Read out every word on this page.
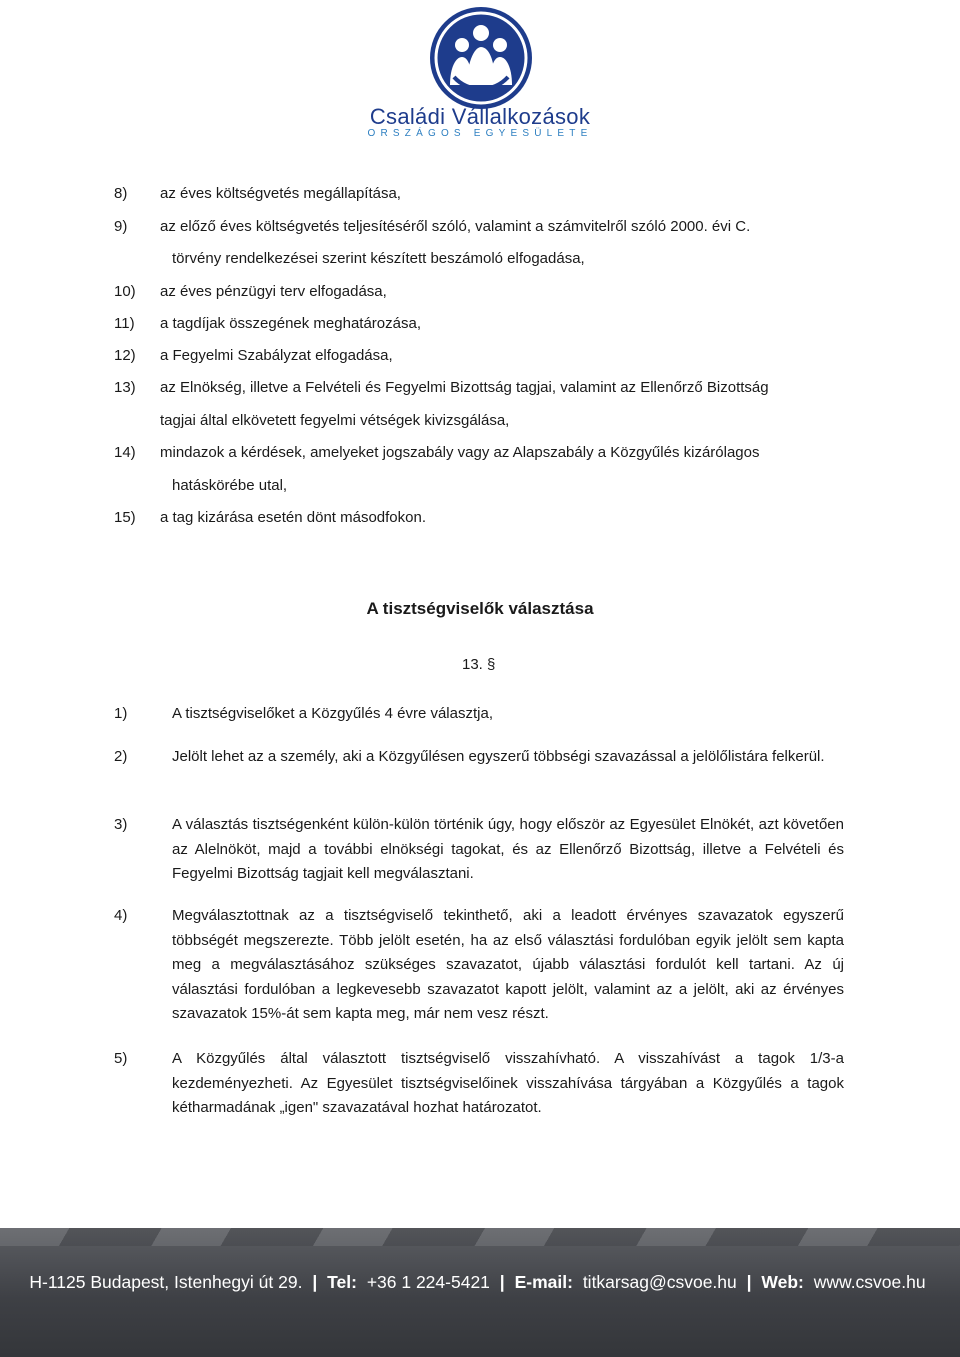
Családi Vállalkozások
ORSZÁGOS EGYESÜLETE
8) az éves költségvetés megállapítása,
9) az előző éves költségvetés teljesítéséről szóló, valamint a számvitelről szóló 2000. évi C.
törvény rendelkezései szerint készített beszámoló elfogadása,
10) az éves pénzügyi terv elfogadása,
11) a tagdíjak összegének meghatározása,
12) a Fegyelmi Szabályzat elfogadása,
13) az Elnökség, illetve a Felvételi és Fegyelmi Bizottság tagjai, valamint az Ellenőrző Bizottság
tagjai által elkövetett fegyelmi vétségek kivizsgálása,
14) mindazok a kérdések, amelyeket jogszabály vagy az Alapszabály a Közgyűlés kizárólagos
hatáskörébe utal,
15) a tag kizárása esetén dönt másodfokon.
A tisztségviselők választása
13. §
1)	A tisztségviselőket a Közgyűlés 4 évre választja,
2)	Jelölt lehet az a személy, aki a Közgyűlésen egyszerű többségi szavazással a jelölőlistára felkerül.
3)	A választás tisztségenként külön-külön történik úgy, hogy először az Egyesület Elnökét, azt követően az Alelnököt, majd a további elnökségi tagokat, és az Ellenőrző Bizottság, illetve a Felvételi és Fegyelmi Bizottság tagjait kell megválasztani.
4)	Megválasztottnak az a tisztségviselő tekinthető, aki a leadott érvényes szavazatok egyszerű többségét megszerezte. Több jelölt esetén, ha az első választási fordulóban egyik jelölt sem kapta meg a megválasztásához szükséges szavazatot, újabb választási fordulót kell tartani. Az új választási fordulóban a legkevesebb szavazatot kapott jelölt, valamint az a jelölt, aki az érvényes szavazatok 15%-át sem kapta meg, már nem vesz részt.
5)	A Közgyűlés által választott tisztségviselő visszahívható. A visszahívást a tagok 1/3-a kezdeményezheti. Az Egyesület tisztségviselőinek visszahívása tárgyában a Közgyűlés a tagok kétharmadának „igen" szavazatával hozhat határozatot.
H-1125 Budapest, Istenhegyi út 29. | Tel: +36 1 224-5421 | E-mail: titkarsag@csvoe.hu | Web: www.csvoe.hu
